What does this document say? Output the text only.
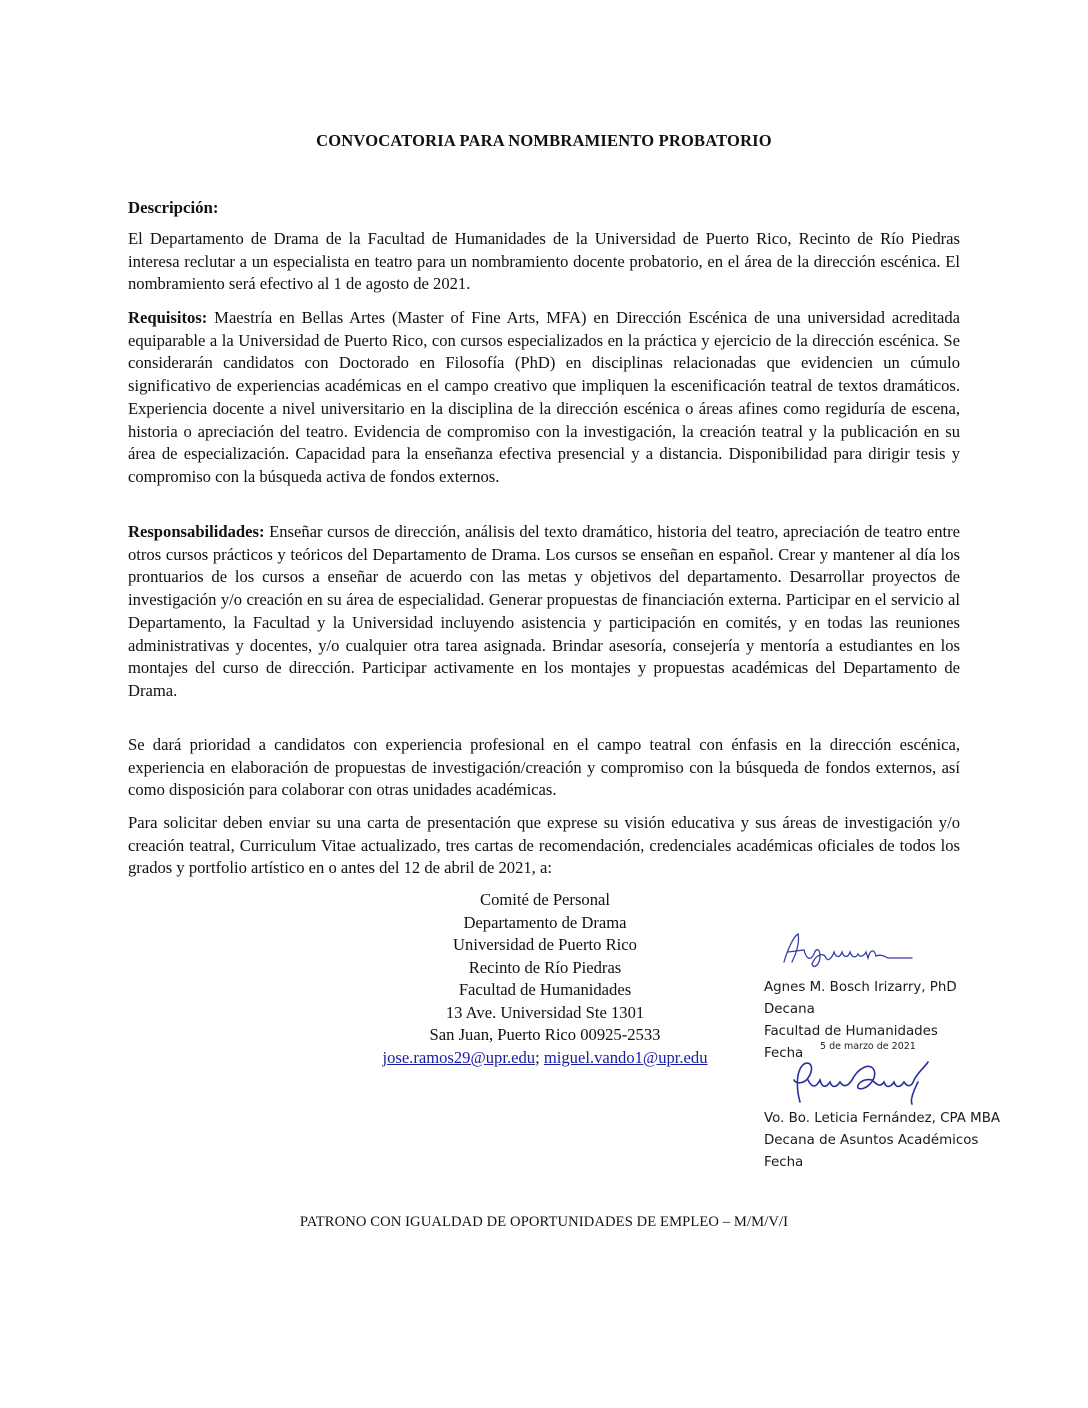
CONVOCATORIA PARA NOMBRAMIENTO PROBATORIO
Descripción:

El Departamento de Drama de la Facultad de Humanidades de la Universidad de Puerto Rico, Recinto de Río Piedras interesa reclutar a un especialista en teatro para un nombramiento docente probatorio, en el área de la dirección escénica. El nombramiento será efectivo al 1 de agosto de 2021.

Requisitos: Maestría en Bellas Artes (Master of Fine Arts, MFA) en Dirección Escénica de una universidad acreditada equiparable a la Universidad de Puerto Rico, con cursos especializados en la práctica y ejercicio de la dirección escénica. Se considerarán candidatos con Doctorado en Filosofía (PhD) en disciplinas relacionadas que evidencien un cúmulo significativo de experiencias académicas en el campo creativo que impliquen la escenificación teatral de textos dramáticos. Experiencia docente a nivel universitario en la disciplina de la dirección escénica o áreas afines como regiduría de escena, historia o apreciación del teatro. Evidencia de compromiso con la investigación, la creación teatral y la publicación en su área de especialización. Capacidad para la enseñanza efectiva presencial y a distancia. Disponibilidad para dirigir tesis y compromiso con la búsqueda activa de fondos externos.

Responsabilidades: Enseñar cursos de dirección, análisis del texto dramático, historia del teatro, apreciación de teatro entre otros cursos prácticos y teóricos del Departamento de Drama. Los cursos se enseñan en español. Crear y mantener al día los prontuarios de los cursos a enseñar de acuerdo con las metas y objetivos del departamento. Desarrollar proyectos de investigación y/o creación en su área de especialidad. Generar propuestas de financiación externa. Participar en el servicio al Departamento, la Facultad y la Universidad incluyendo asistencia y participación en comités, y en todas las reuniones administrativas y docentes, y/o cualquier otra tarea asignada. Brindar asesoría, consejería y mentoría a estudiantes en los montajes del curso de dirección. Participar activamente en los montajes y propuestas académicas del Departamento de Drama.

Se dará prioridad a candidatos con experiencia profesional en el campo teatral con énfasis en la dirección escénica, experiencia en elaboración de propuestas de investigación/creación y compromiso con la búsqueda de fondos externos, así como disposición para colaborar con otras unidades académicas.

Para solicitar deben enviar su una carta de presentación que exprese su visión educativa y sus áreas de investigación y/o creación teatral, Curriculum Vitae actualizado, tres cartas de recomendación, credenciales académicas oficiales de todos los grados y portfolio artístico en o antes del 12 de abril de 2021, a:

Comité de Personal
Departamento de Drama
Universidad de Puerto Rico
Recinto de Río Piedras
Facultad de Humanidades
13 Ave. Universidad Ste 1301
San Juan, Puerto Rico 00925-2533
jose.ramos29@upr.edu; miguel.vando1@upr.edu
Agnes M. Bosch Irizarry, PhD
Decana
Facultad de Humanidades
Fecha	5 de marzo de 2021
Vo. Bo. Leticia Fernández, CPA MBA
Decana de Asuntos Académicos
Fecha
PATRONO CON IGUALDAD DE OPORTUNIDADES DE EMPLEO – M/M/V/I
